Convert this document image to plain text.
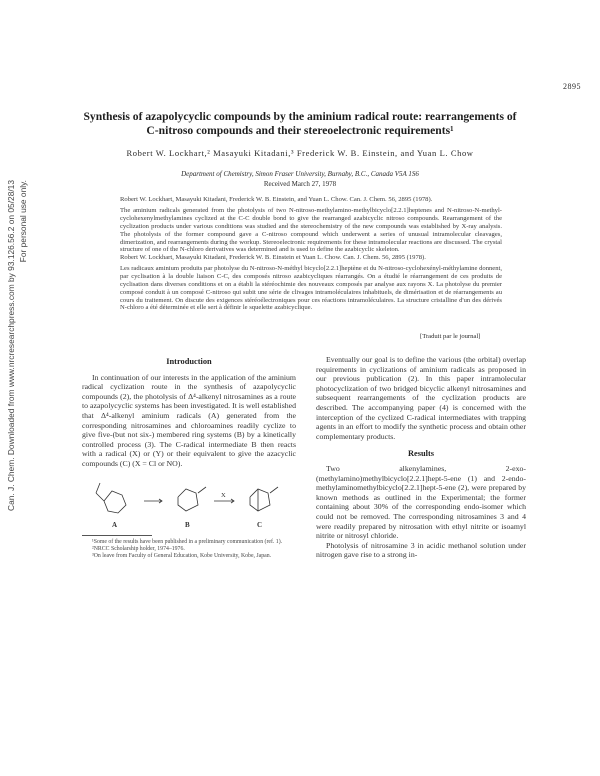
2895
Can. J. Chem. Downloaded from www.nrcresearchpress.com by 93.126.56.2 on 05/28/13 For personal use only.
Synthesis of azapolycyclic compounds by the aminium radical route: rearrangements of C-nitroso compounds and their stereoelectronic requirements¹
Robert W. Lockhart,² Masayuki Kitadani,³ Frederick W. B. Einstein, and Yuan L. Chow
Department of Chemistry, Simon Fraser University, Burnaby, B.C., Canada V5A 1S6
Received March 27, 1978
Robert W. Lockhart, Masayuki Kitadani, Frederick W. B. Einstein, and Yuan L. Chow. Can. J. Chem. 56, 2895 (1978).
The aminium radicals generated from the photolysis of two N-nitroso-methylamino-methylbicyclo[2.2.1]heptenes and N-nitroso-N-methyl-cyclohexenylmethylamines cyclized at the C-C double bond to give the rearranged azabicyclic nitroso compounds. Rearrangement of the cyclization products under various conditions was studied and the stereochemistry of the new compounds was established by X-ray analysis. The photolysis of the former compound gave a C-nitroso compound which underwent a series of unusual intramolecular cleavages, dimerization, and rearrangements during the workup. Stereoelectronic requirements for these intramolecular reactions are discussed. The crystal structure of one of the N-chloro derivatives was determined and is used to define the azabicyclic skeleton.
Robert W. Lockhart, Masayuki Kitadani, Frederick W. B. Einstein et Yuan L. Chow. Can. J. Chem. 56, 2895 (1978).
Les radicaux aminium produits par photolyse du N-nitroso-N-méthyl bicyclo[2.2.1]heptène et du N-nitroso-cyclohexényl-méthylamine donnent, par cyclisation à la double liaison C-C, des composés nitroso azabicycliques réarrangés. On a étudié le réarrangement de ces produits de cyclisation dans diverses conditions et on a établi la stéréochimie des nouveaux composés par analyse aux rayons X. La photolyse du premier composé conduit à un composé C-nitroso qui subit une série de clivages intramoléculaires inhabituels, de dimérisation et de réarrangements au cours du traitement. On discute des exigences stéréoélectroniques pour ces réactions intramoléculaires. La structure cristalline d'un des dérivés N-chloro a été déterminée et elle sert à définir le squelette azabicyclique.
[Traduit par le journal]
Introduction

In continuation of our interests in the application of the aminium radical cyclization route in the synthesis of azapolycyclic compounds (2), the photolysis of Δ⁴-alkenyl nitrosamines as a route to azapolycyclic systems has been investigated. It is well established that Δ⁴-alkenyl aminium radicals (A) generated from the corresponding nitrosamines and chloroamines readily cyclize to give five-(but not six-) membered ring systems (B) by a kinetically controlled process (3). The C-radical intermediate B then reacts with a radical (X) or (Y) or their equivalent to give the azacyclic compounds (C) (X = Cl or NO).

X
A	B	C

¹Some of the results have been published in a preliminary communication (ref. 1).

²NRCC Scholarship holder, 1974–1976.

³On leave from Faculty of General Education, Kobe University, Kobe, Japan.

Eventually our goal is to define the various (the orbital) overlap requirements in cyclizations of aminium radicals as proposed in our previous publication (2). In this paper intramolecular photocyclization of two bridged bicyclic alkenyl nitrosamines and subsequent rearrangements of the cyclization products are described. The accompanying paper (4) is concerned with the interception of the cyclized C-radical intermediates with trapping agents in an effort to modify the synthetic process and obtain other complementary products.

Results

Two alkenylamines, 2-exo-(methylamino)methylbicyclo[2.2.1]hept-5-ene (1) and 2-endo-methylaminomethylbicyclo[2.2.1]hept-5-ene (2), were prepared by known methods as outlined in the Experimental; the former containing about 30% of the corresponding endo-isomer which could not be removed. The corresponding nitrosamines 3 and 4 were readily prepared by nitrosation with ethyl nitrite or isoamyl nitrite or nitrosyl chloride.

Photolysis of nitrosamine 3 in acidic methanol solution under nitrogen gave rise to a strong in-
